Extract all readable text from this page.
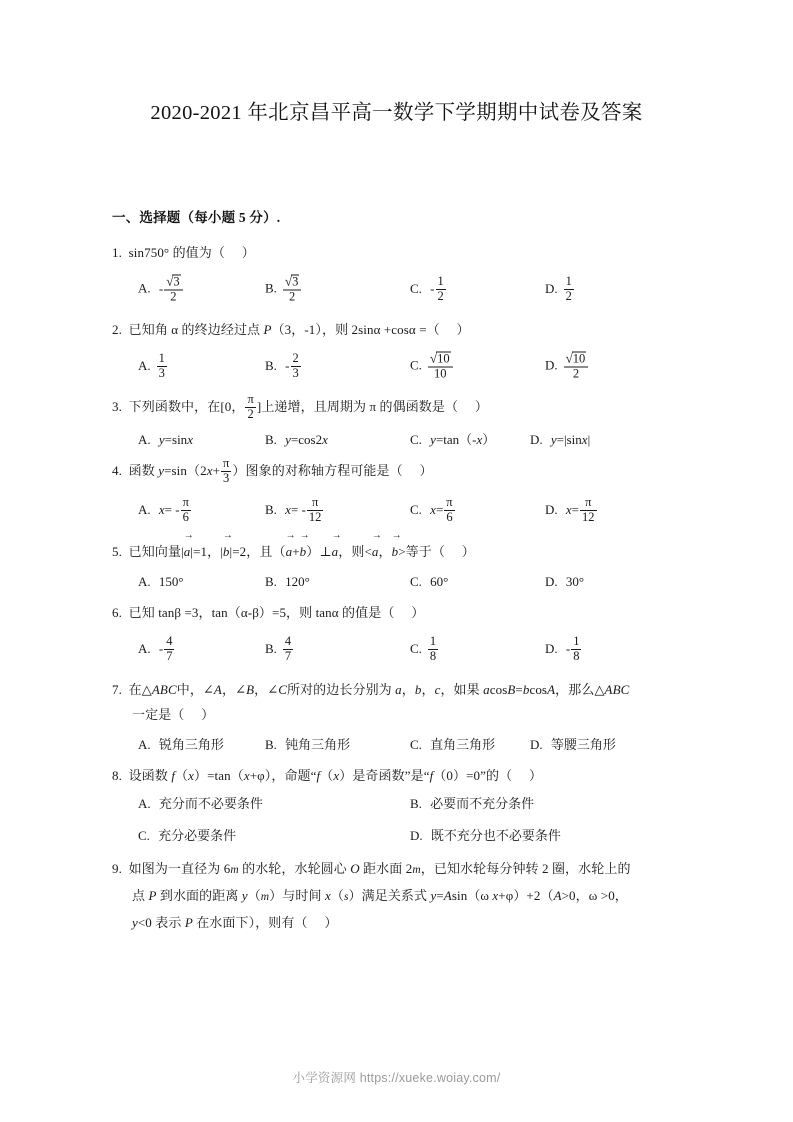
2020-2021 年北京昌平高一数学下学期期中试卷及答案
一、选择题（每小题 5 分）.
1.  sin750° 的值为（     ）
A. - $\frac{√3}{2}$	B. $\frac{√3}{2}$	C. - $\frac{1}{2}$	D. $\frac{1}{2}$
2.  已知角 α 的终边经过点 P（3，-1），则 2sinα +cosα =（     ）
A. $\frac{1}{3}$	B. - $\frac{2}{3}$	C. $\frac{√10}{10}$	D. $\frac{√10}{2}$
3.  下列函数中，在[0， $\frac{\pi}{2}$ ]上递增，且周期为 π 的偶函数是（     ）
A. y=sinx	B. y=cos2x	C. y=tan（-x）	D. y=|sinx|
4.  函数 $y=\sin(2x+ \frac{\pi}{3}$ ）图象的对称轴方程可能是（     ）
A. $x= - \frac{\pi}{6}$	B. $x= - \frac{\pi}{12}$	C. $x= \frac{\pi}{6}$	D. $x= \frac{\pi}{12}$
5.  已知向量|
→
a|=1，|
→
b|=2，且（
→
a+
→
b）⊥
→
a，则<
→
a，
→
b>等于（     ）
A. 150°	B. 120°	C. 60°	D. 30°
6.  已知 tanβ =3，tan（α-β）=5，则 tanα 的值是（     ）
A. - $\frac{4}{7}$	B. $\frac{4}{7}$	C. $\frac{1}{8}$	D. - $\frac{1}{8}$
7.  在△ABC中，∠A，∠B，∠C所对的边长分别为 a，b，c，如果 acosB=bcosA，那么△ABC
一定是（     ）
A. 锐角三角形	B. 钝角三角形	C. 直角三角形	D. 等腰三角形
8.  设函数 f（x）=tan（x+φ），命题“f（x）是奇函数”是“f（0）=0”的（     ）
A. 充分而不必要条件	B. 必要而不充分条件
C. 充分必要条件	D. 既不充分也不必要条件
9.  如图为一直径为 6m 的水轮，水轮圆心 O 距水面 2m，已知水轮每分钟转 2 圈，水轮上的
点 P 到水面的距离 y（m）与时间 x（s）满足关系式 y=Asin（ω x+φ）+2（A>0，ω >0，
y<0 表示 P 在水面下），则有（     ）
小学资源网 https://xueke.woiay.com/
